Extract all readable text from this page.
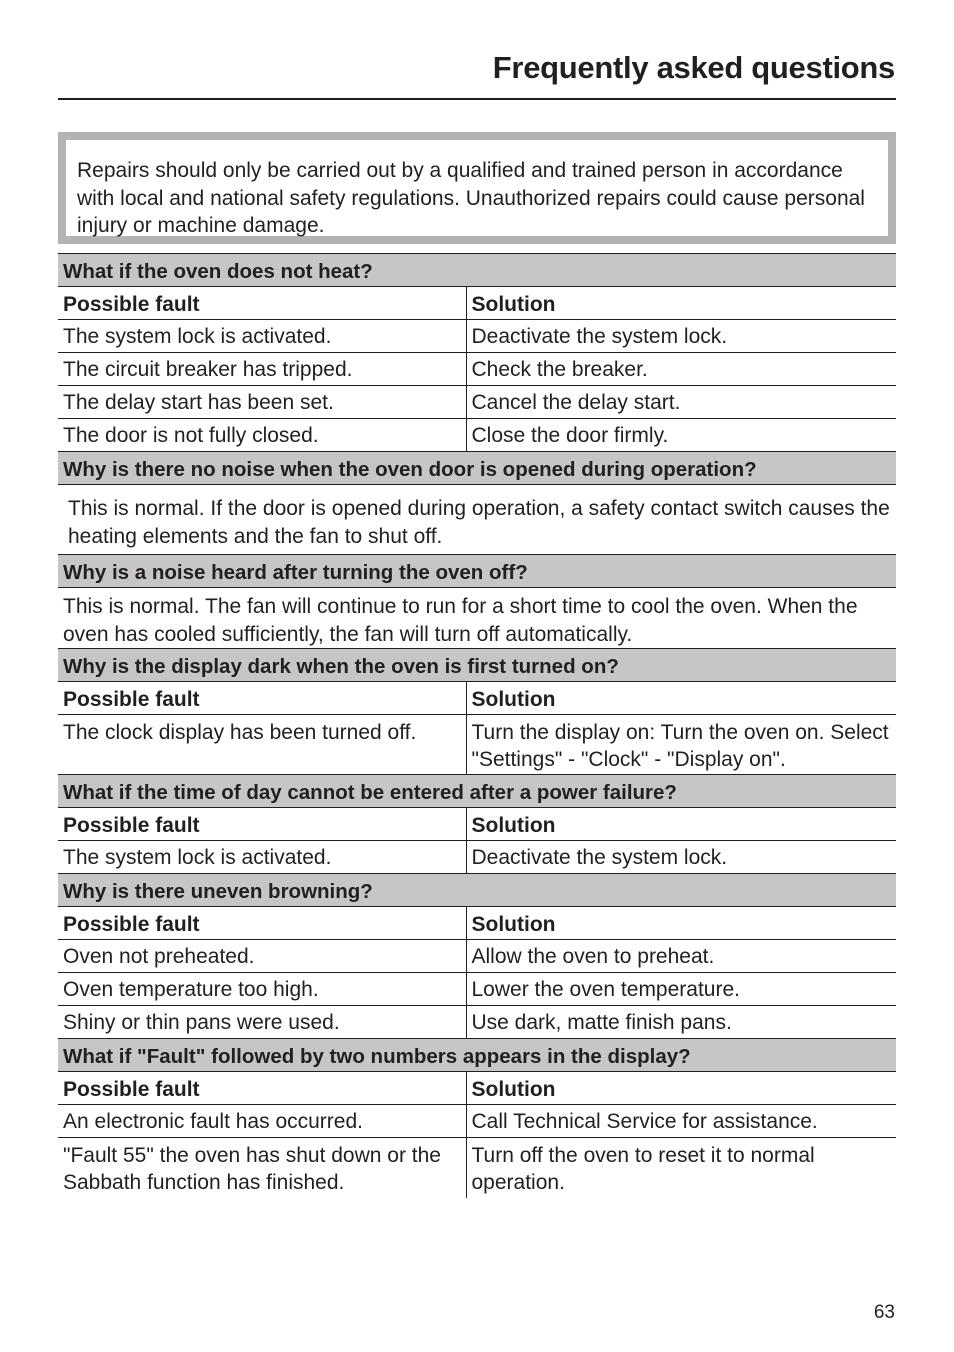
Frequently asked questions
Repairs should only be carried out by a qualified and trained person in accordance with local and national safety regulations. Unauthorized repairs could cause personal injury or machine damage.
What if the oven does not heat?	
Possible fault	Solution
The system lock is activated.	Deactivate the system lock.
The circuit breaker has tripped.	Check the breaker.
The delay start has been set.	Cancel the delay start.
The door is not fully closed.	Close the door firmly.
Why is there no noise when the oven door is opened during operation?	
This is normal. If the door is opened during operation, a safety contact switch causes the heating elements and the fan to shut off.	
Why is a noise heard after turning the oven off?	
This is normal. The fan will continue to run for a short time to cool the oven. When the oven has cooled sufficiently, the fan will turn off automatically.	
Why is the display dark when the oven is first turned on?	
Possible fault	Solution
The clock display has been turned off.	Turn the display on: Turn the oven on. Select "Settings" - "Clock" - "Display on".
What if the time of day cannot be entered after a power failure?	
Possible fault	Solution
The system lock is activated.	Deactivate the system lock.
Why is there uneven browning?	
Possible fault	Solution
Oven not preheated.	Allow the oven to preheat.
Oven temperature too high.	Lower the oven temperature.
Shiny or thin pans were used.	Use dark, matte finish pans.
What if "Fault" followed by two numbers appears in the display?	
Possible fault	Solution
An electronic fault has occurred.	Call Technical Service for assistance.
"Fault 55" the oven has shut down or the Sabbath function has finished.	Turn off the oven to reset it to normal operation.
63
